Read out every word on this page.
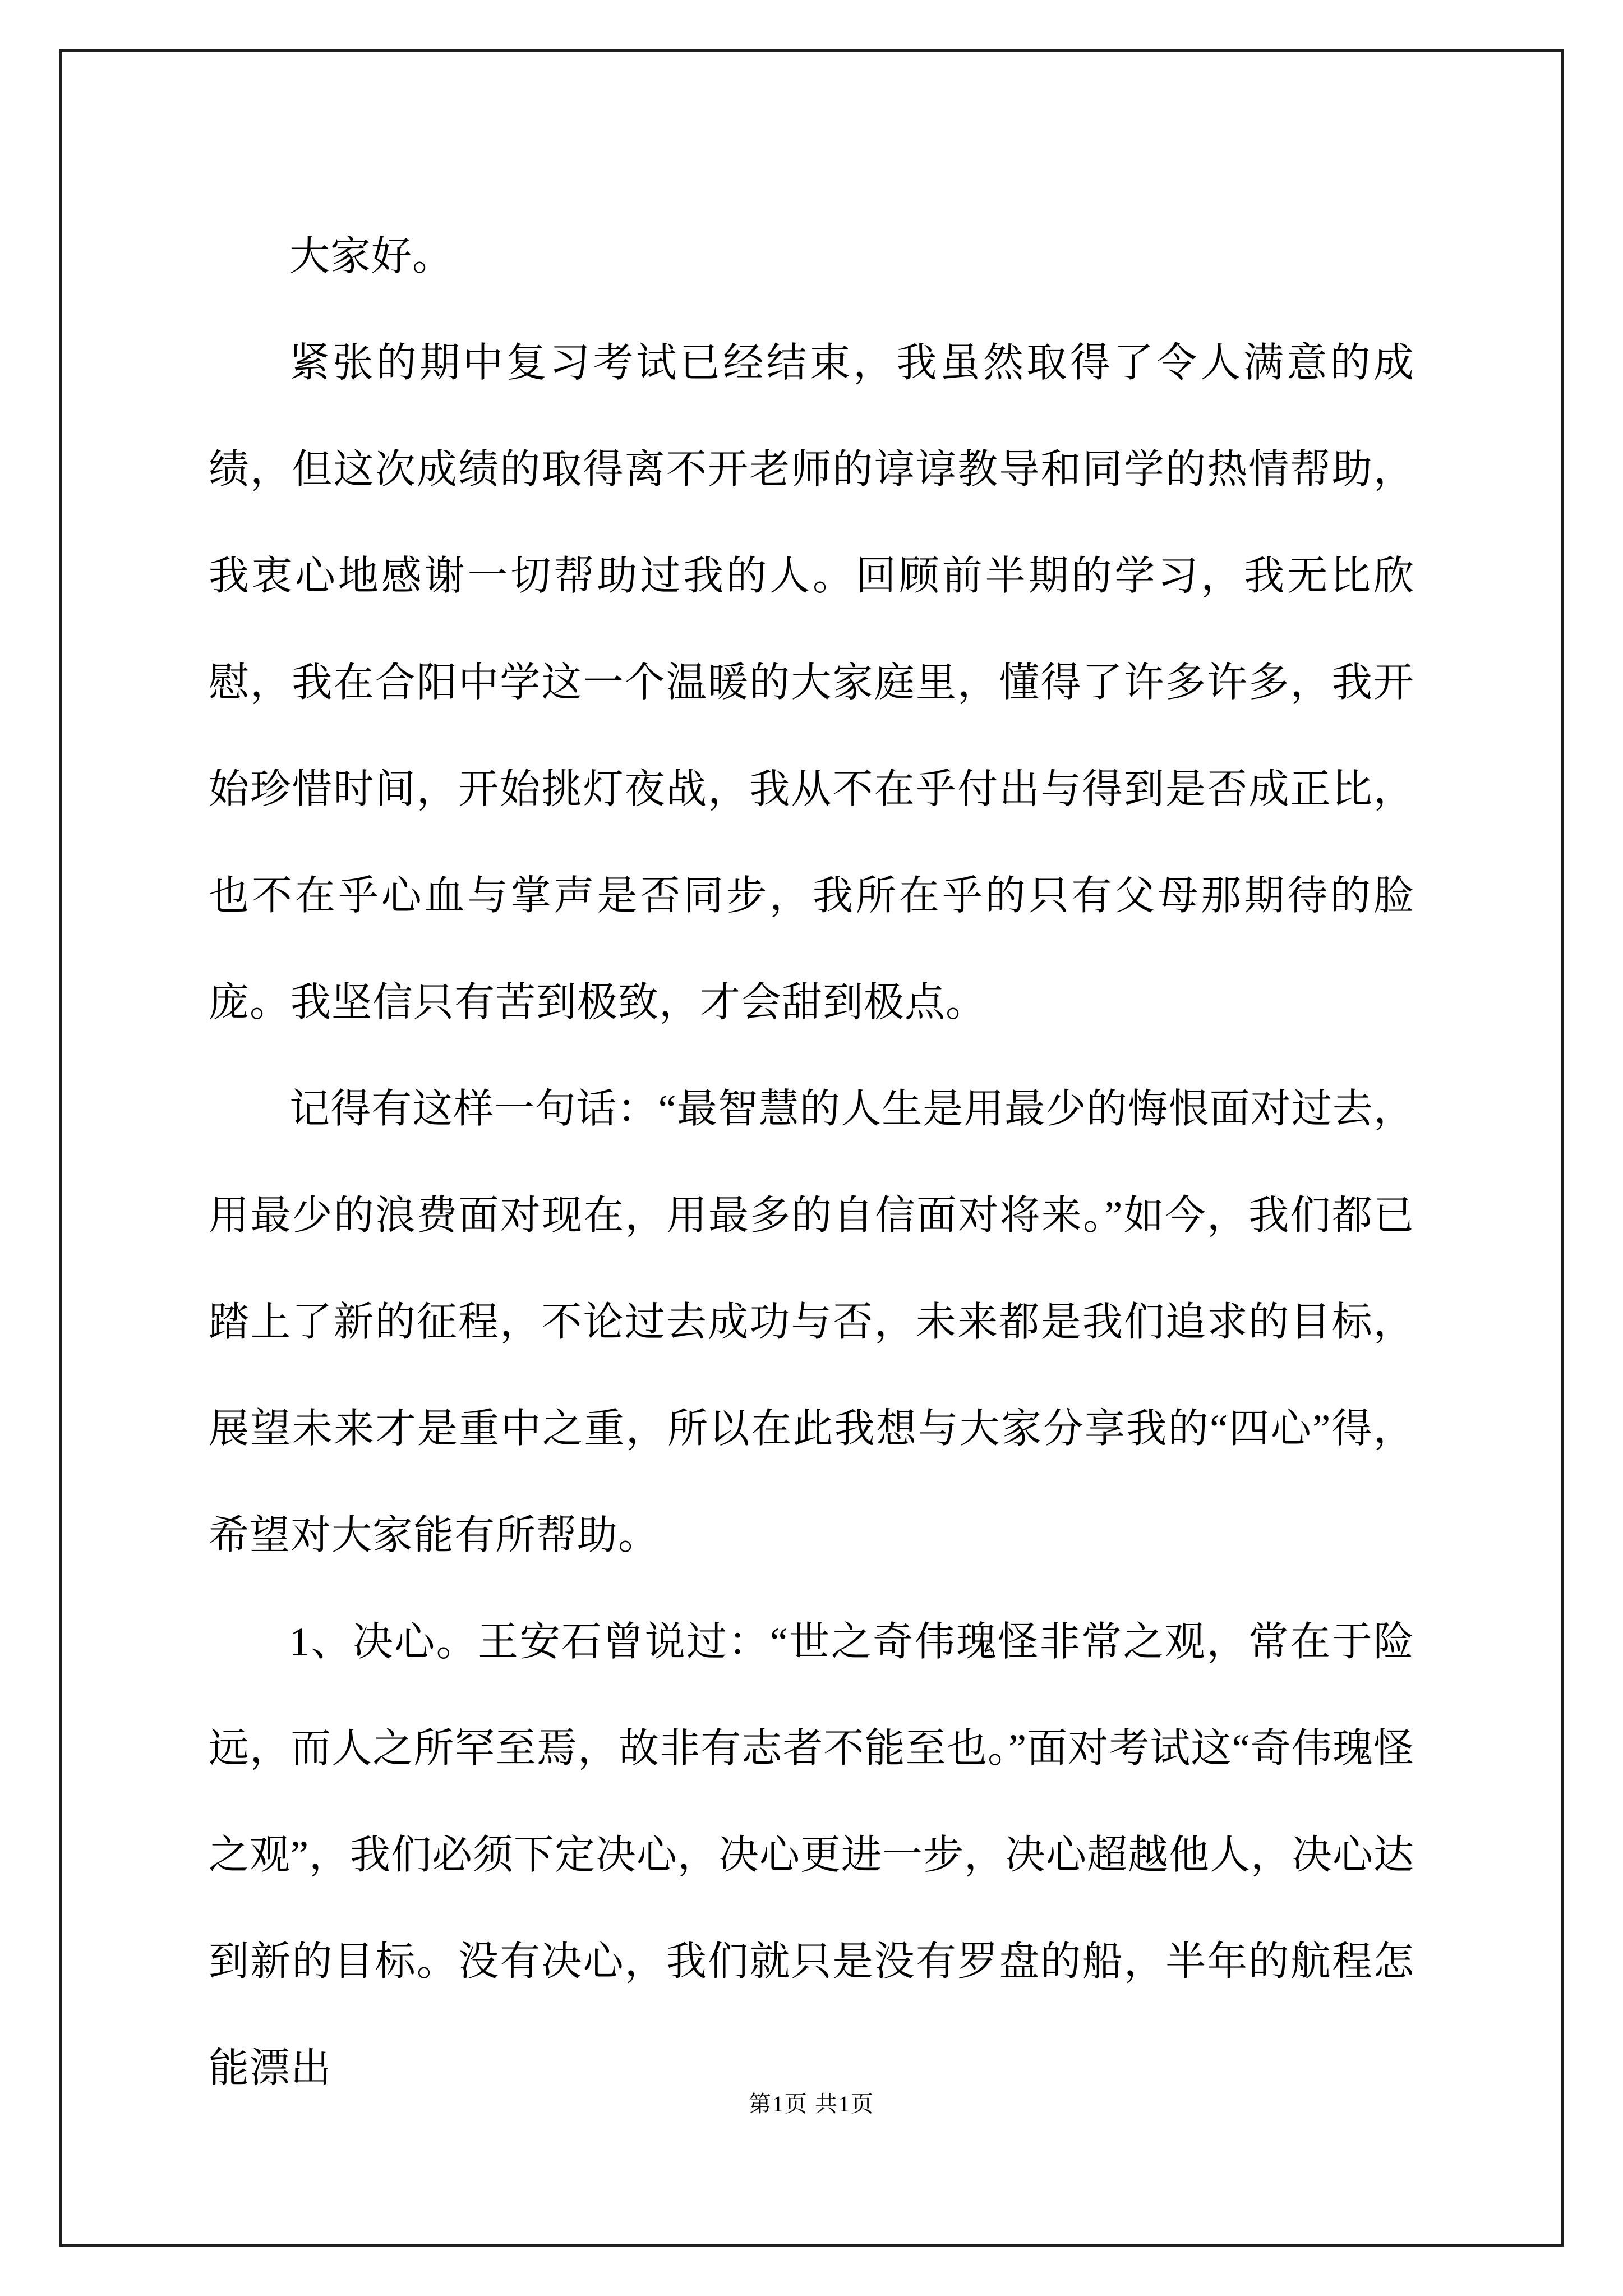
大家好。

紧张的期中复习考试已经结束，我虽然取得了令人满意的成绩，但这次成绩的取得离不开老师的谆谆教导和同学的热情帮助，我衷心地感谢一切帮助过我的人。回顾前半期的学习，我无比欣慰，我在合阳中学这一个温暖的大家庭里，懂得了许多许多，我开始珍惜时间，开始挑灯夜战，我从不在乎付出与得到是否成正比，也不在乎心血与掌声是否同步，我所在乎的只有父母那期待的脸庞。我坚信只有苦到极致，才会甜到极点。

记得有这样一句话：“最智慧的人生是用最少的悔恨面对过去，用最少的浪费面对现在，用最多的自信面对将来。”如今，我们都已踏上了新的征程，不论过去成功与否，未来都是我们追求的目标，展望未来才是重中之重，所以在此我想与大家分享我的“四心”得，希望对大家能有所帮助。

1、决心。王安石曾说过：“世之奇伟瑰怪非常之观，常在于险远，而人之所罕至焉，故非有志者不能至也。”面对考试这“奇伟瑰怪之观”，我们必须下定决心，决心更进一步，决心超越他人，决心达到新的目标。没有决心，我们就只是没有罗盘的船，半年的航程怎能漂出

第1页 共1页
